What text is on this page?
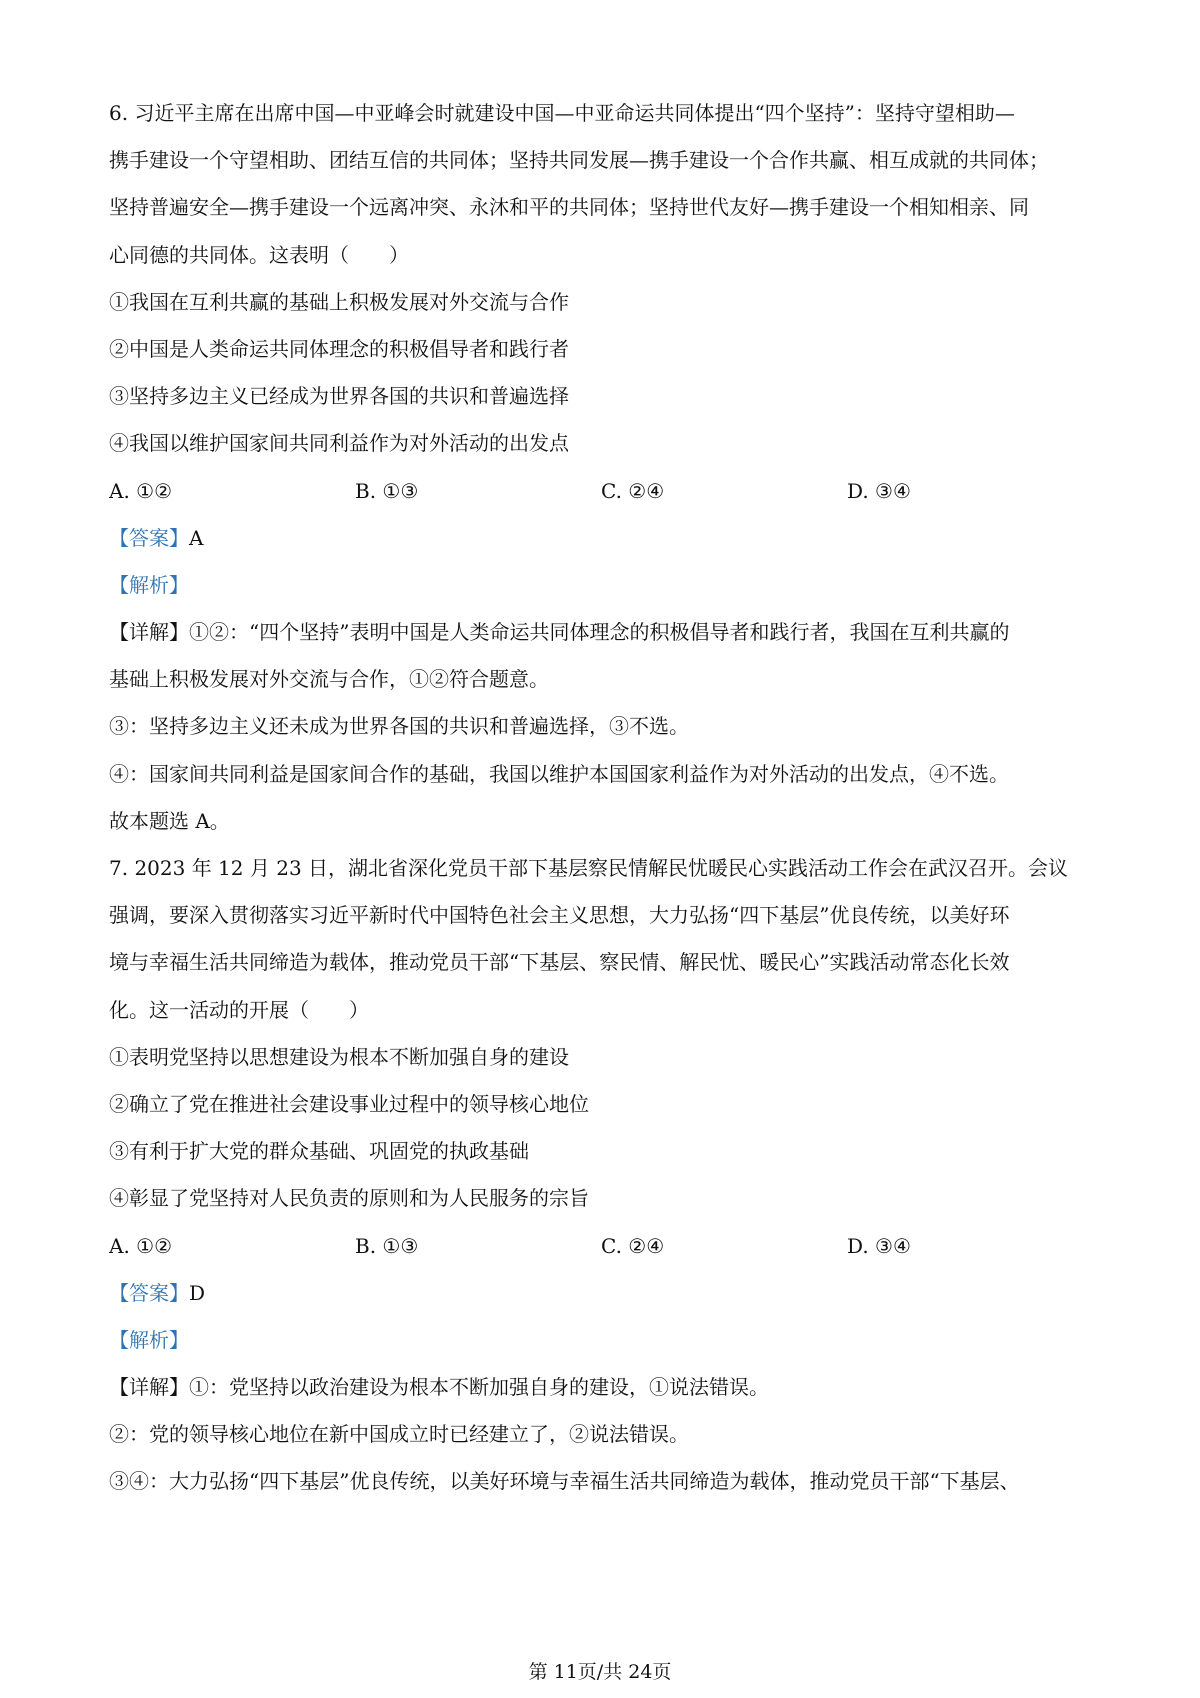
6. 习近平主席在出席中国—中亚峰会时就建设中国—中亚命运共同体提出“四个坚持”：坚持守望相助—
携手建设一个守望相助、团结互信的共同体；坚持共同发展—携手建设一个合作共赢、相互成就的共同体；
坚持普遍安全—携手建设一个远离冲突、永沐和平的共同体；坚持世代友好—携手建设一个相知相亲、同
心同德的共同体。这表明（　　）
①我国在互利共赢的基础上积极发展对外交流与合作
②中国是人类命运共同体理念的积极倡导者和践行者
③坚持多边主义已经成为世界各国的共识和普遍选择
④我国以维护国家间共同利益作为对外活动的出发点
A. ①②	B. ①③	C. ②④	D. ③④
【答案】A
【解析】
【详解】①②：“四个坚持”表明中国是人类命运共同体理念的积极倡导者和践行者，我国在互利共赢的
基础上积极发展对外交流与合作，①②符合题意。
③：坚持多边主义还未成为世界各国的共识和普遍选择，③不选。
④：国家间共同利益是国家间合作的基础，我国以维护本国国家利益作为对外活动的出发点，④不选。
故本题选 A。
7. 2023 年 12 月 23 日，湖北省深化党员干部下基层察民情解民忧暖民心实践活动工作会在武汉召开。会议
强调，要深入贯彻落实习近平新时代中国特色社会主义思想，大力弘扬“四下基层”优良传统，以美好环
境与幸福生活共同缔造为载体，推动党员干部“下基层、察民情、解民忧、暖民心”实践活动常态化长效
化。这一活动的开展（　　）
①表明党坚持以思想建设为根本不断加强自身的建设
②确立了党在推进社会建设事业过程中的领导核心地位
③有利于扩大党的群众基础、巩固党的执政基础
④彰显了党坚持对人民负责的原则和为人民服务的宗旨
A. ①②	B. ①③	C. ②④	D. ③④
【答案】D
【解析】
【详解】①：党坚持以政治建设为根本不断加强自身的建设，①说法错误。
②：党的领导核心地位在新中国成立时已经建立了，②说法错误。
③④：大力弘扬“四下基层”优良传统，以美好环境与幸福生活共同缔造为载体，推动党员干部“下基层、
第 11页/共 24页
